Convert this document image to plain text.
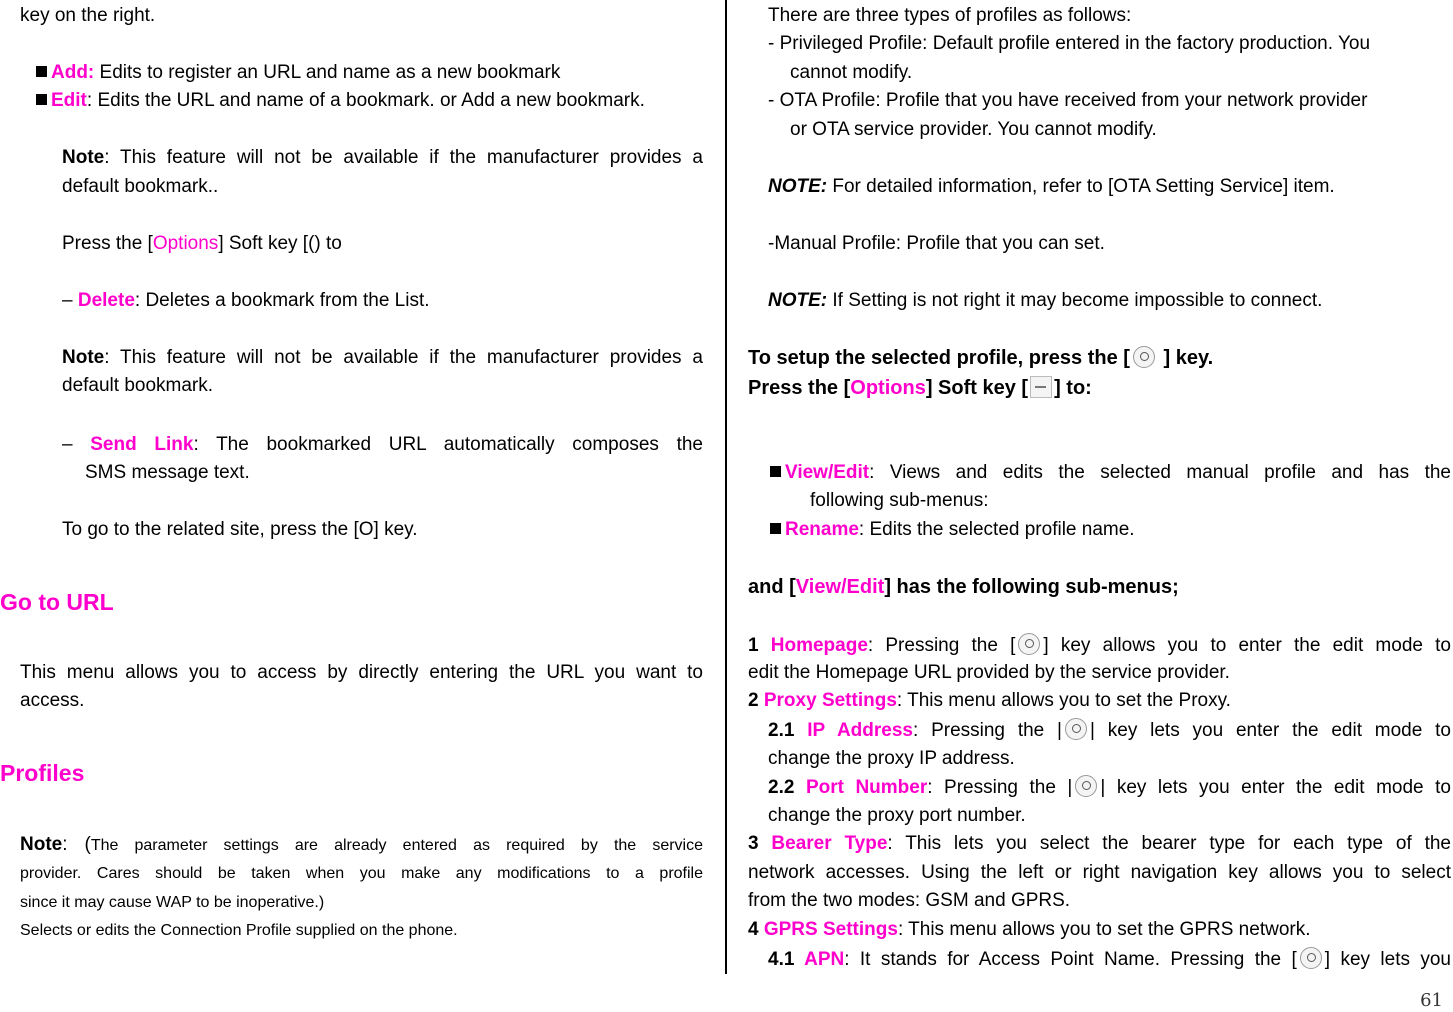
key on the right.
Add: Edits to register an URL and name as a new bookmark
Edit: Edits the URL and name of a bookmark. or Add a new bookmark.
Note: This feature will not be available if the manufacturer provides a
default bookmark..
Press the [Options] Soft key [() to
– Delete: Deletes a bookmark from the List.
Note: This feature will not be available if the manufacturer provides a
default bookmark.
– Send Link: The bookmarked URL automatically composes the
SMS message text.
To go to the related site, press the [O] key.
Go to URL
This menu allows you to access by directly entering the URL you want to
access.
Profiles
Note: (The parameter settings are already entered as required by the service
provider. Cares should be taken when you make any modifications to a profile
since it may cause WAP to be inoperative.)
Selects or edits the Connection Profile supplied on the phone.
There are three types of profiles as follows:
- Privileged Profile: Default profile entered in the factory production. You
cannot modify.
- OTA Profile: Profile that you have received from your network provider
or OTA service provider. You cannot modify.
NOTE: For detailed information, refer to [OTA Setting Service] item.
-Manual Profile: Profile that you can set.
NOTE: If Setting is not right it may become impossible to connect.
To setup the selected profile, press the [ ] key.
Press the [Options] Soft key [ ] to:
View/Edit: Views and edits the selected manual profile and has the
following sub-menus:
Rename: Edits the selected profile name.
and [View/Edit] has the following sub-menus;
1 Homepage: Pressing the [ ] key allows you to enter the edit mode to
edit the Homepage URL provided by the service provider.
2 Proxy Settings: This menu allows you to set the Proxy.
2.1 IP Address: Pressing the | | key lets you enter the edit mode to
change the proxy IP address.
2.2 Port Number: Pressing the | | key lets you enter the edit mode to
change the proxy port number.
3 Bearer Type: This lets you select the bearer type for each type of the
network accesses. Using the left or right navigation key allows you to select
from the two modes: GSM and GPRS.
4 GPRS Settings: This menu allows you to set the GPRS network.
4.1 APN: It stands for Access Point Name. Pressing the [ ] key lets you
61
